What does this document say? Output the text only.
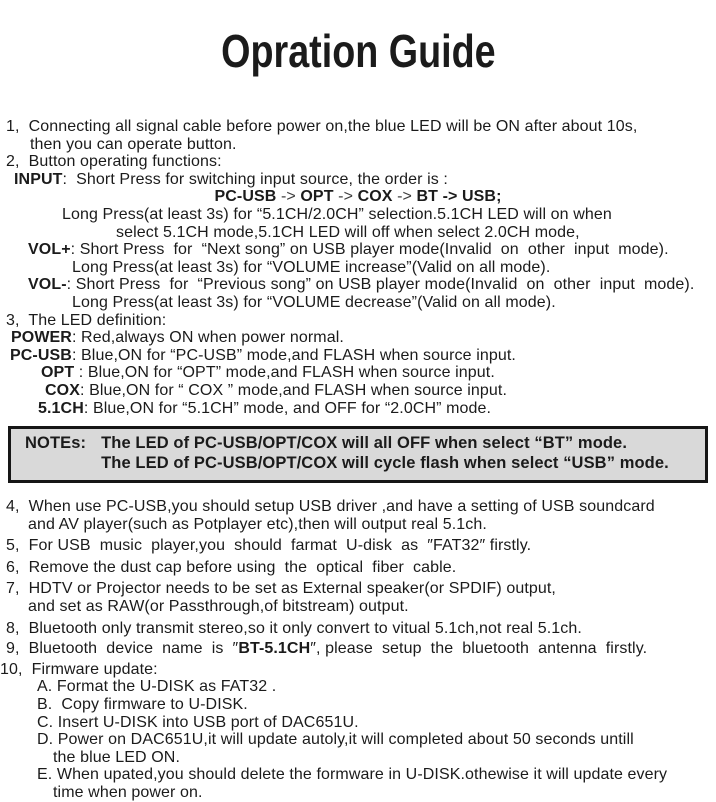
Opration Guide
1,  Connecting all signal cable before power on,the blue LED will be ON after about 10s,
then you can operate button.
2,  Button operating functions:
INPUT:  Short Press for switching input source, the order is :
PC-USB -> OPT -> COX -> BT -> USB;
Long Press(at least 3s) for “5.1CH/2.0CH” selection.5.1CH LED will on when
select 5.1CH mode,5.1CH LED will off when select 2.0CH mode,
VOL+: Short Press  for  “Next song” on USB player mode(Invalid  on  other  input  mode).
Long Press(at least 3s) for “VOLUME increase”(Valid on all mode).
VOL-: Short Press  for  “Previous song” on USB player mode(Invalid  on  other  input  mode).
Long Press(at least 3s) for “VOLUME decrease”(Valid on all mode).
3,  The LED definition:
POWER: Red,always ON when power normal.
PC-USB: Blue,ON for “PC-USB” mode,and FLASH when source input.
OPT : Blue,ON for “OPT” mode,and FLASH when source input.
COX: Blue,ON for “ COX ” mode,and FLASH when source input.
5.1CH: Blue,ON for “5.1CH” mode, and OFF for “2.0CH” mode.
NOTEs: The LED of PC-USB/OPT/COX will all OFF when select “BT” mode.
The LED of PC-USB/OPT/COX will cycle flash when select “USB” mode.
4,  When use PC-USB,you should setup USB driver ,and have a setting of USB soundcard
and AV player(such as Potplayer etc),then will output real 5.1ch.
5,  For USB  music  player,you  should  farmat  U-disk  as  ″FAT32″ firstly.
6,  Remove the dust cap before using  the  optical  fiber  cable.
7,  HDTV or Projector needs to be set as External speaker(or SPDIF) output,
and set as RAW(or Passthrough,of bitstream) output.
8,  Bluetooth only transmit stereo,so it only convert to vitual 5.1ch,not real 5.1ch.
9,  Bluetooth  device  name  is  ″BT-5.1CH″, please  setup  the  bluetooth  antenna  firstly.
10,  Firmware update:
A. Format the U-DISK as FAT32 .
B.  Copy firmware to U-DISK.
C. Insert U-DISK into USB port of DAC651U.
D. Power on DAC651U,it will update autoly,it will completed about 50 seconds untill
the blue LED ON.
E. When upated,you should delete the formware in U-DISK.othewise it will update every
time when power on.
